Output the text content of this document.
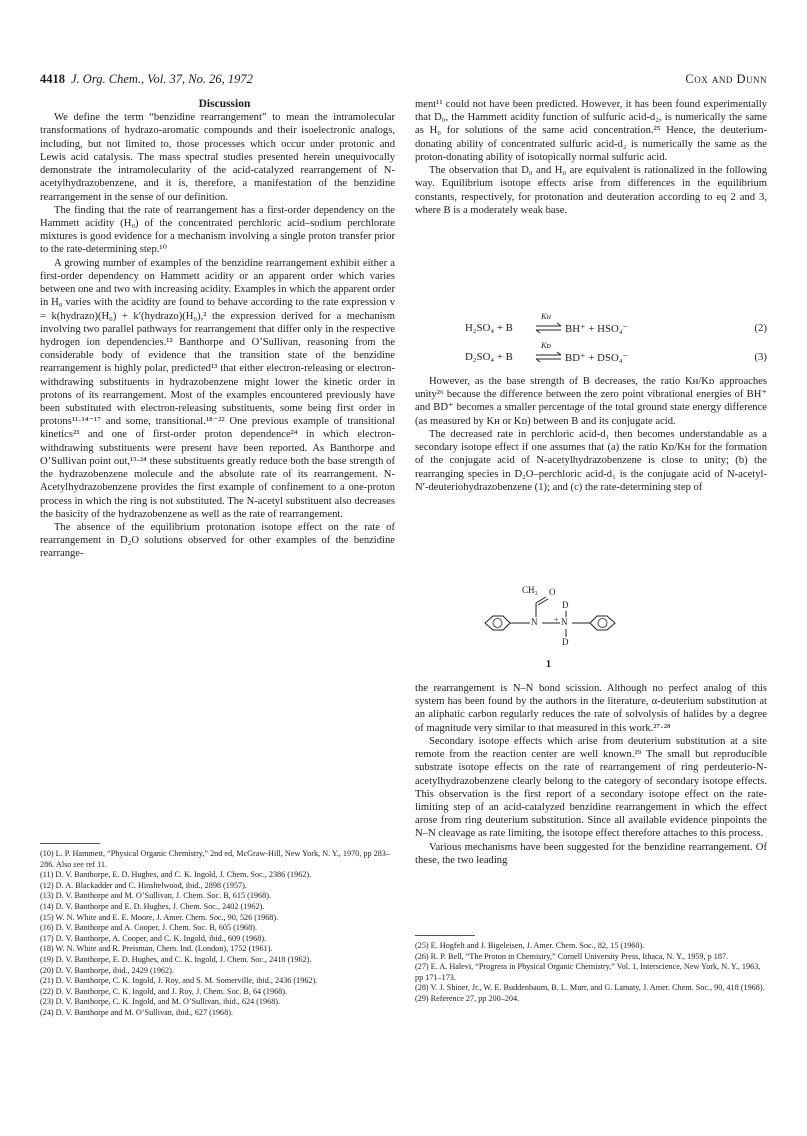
4418 J. Org. Chem., Vol. 37, No. 26, 1972	Cox and Dunn

Discussion

We define the term “benzidine rearrangement” to mean the intramolecular transformations of hydrazo-aromatic compounds and their isoelectronic analogs, including, but not limited to, those processes which occur under protonic and Lewis acid catalysis. The mass spectral studies presented herein unequivocally demonstrate the intramolecularity of the acid-catalyzed rearrangement of N-acetylhydrazobenzene, and it is, therefore, a manifestation of the benzidine rearrangement in the sense of our definition.

The finding that the rate of rearrangement has a first-order dependency on the Hammett acidity (H₀) of the concentrated perchloric acid–sodium perchlorate mixtures is good evidence for a mechanism involving a single proton transfer prior to the rate-determining step.¹⁰

A growing number of examples of the benzidine rearrangement exhibit either a first-order dependency on Hammett acidity or an apparent order which varies between one and two with increasing acidity. Examples in which the apparent order in H₀ varies with the acidity are found to behave according to the rate expression v = k(hydrazo)(H₀) + k′(hydrazo)(H₀),² the expression derived for a mechanism involving two parallel pathways for rearrangement that differ only in the respective hydrogen ion dependencies.¹² Banthorpe and O’Sullivan, reasoning from the considerable body of evidence that the transition state of the benzidine rearrangement is highly polar, predicted¹³ that either electron-releasing or electron-withdrawing substituents in hydrazobenzene might lower the kinetic order in protons of its rearrangement. Most of the examples encountered previously have been substituted with electron-releasing substituents, some being first order in protons¹¹·¹⁴⁻¹⁷ and some, transitional.¹⁸⁻²² One previous example of transitional kinetics²³ and one of first-order proton dependence²⁴ in which electron-withdrawing substituents were present have been reported. As Banthorpe and O’Sullivan point out,¹³·²⁴ these substituents greatly reduce both the base strength of the hydrazobenzene molecule and the absolute rate of its rearrangement. N-Acetylhydrazobenzene provides the first example of confinement to a one-proton process in which the ring is not substituted. The N-acetyl substituent also decreases the basicity of the hydrazobenzene as well as the rate of rearrangement.

The absence of the equilibrium protonation isotope effect on the rate of rearrangement in D₂O solutions observed for other examples of the benzidine rearrange-

ment¹¹ could not have been predicted. However, it has been found experimentally that D₀, the Hammett acidity function of sulfuric acid-d₂, is numerically the same as H₀ for solutions of the same acid concentration.²⁵ Hence, the deuterium-donating ability of concentrated sulfuric acid-d₂ is numerically the same as the proton-donating ability of isotopically normal sulfuric acid.

The observation that D₀ and H₀ are equivalent is rationalized in the following way. Equilibrium isotope effects arise from differences in the equilibrium constants, respectively, for protonation and deuteration according to eq 2 and 3, where B is a moderately weak base.

H₂SO₄ + B
Kʜ
⇌ BH⁺ + HSO₄⁻	(2)
D₂SO₄ + B
Kᴅ
⇌ BD⁺ + DSO₄⁻	(3)

However, as the base strength of B decreases, the ratio Kʜ/Kᴅ approaches unity²⁶ because the difference between the zero point vibrational energies of BH⁺ and BD⁺ becomes a smaller percentage of the total ground state energy difference (as measured by Kʜ or Kᴅ) between B and its conjugate acid.

The decreased rate in perchloric acid-d₁ then becomes understandable as a secondary isotope effect if one assumes that (a) the ratio Kᴅ/Kʜ for the formation of the conjugate acid of N-acetylhydrazobenzene is close to unity; (b) the rearranging species in D₂O–perchloric acid-d₁ is the conjugate acid of N-acetyl-N′-deuteriohydrazobenzene (1); and (c) the rate-determining step of

CH₃ O
N	N
+
D
D
1

the rearrangement is N–N bond scission. Although no perfect analog of this system has been found by the authors in the literature, α-deuterium substitution at an aliphatic carbon regularly reduces the rate of solvolysis of halides by a degree of magnitude very similar to that measured in this work.²⁷·²⁸

Secondary isotope effects which arise from deuterium substitution at a site remote from the reaction center are well known.²⁹ The small but reproducible substrate isotope effects on the rate of rearrangement of ring perdeuterio-N-acetylhydrazobenzene clearly belong to the category of secondary isotope effects. This observation is the first report of a secondary isotope effect on the rate-limiting step of an acid-catalyzed benzidine rearrangement in which the effect arose from ring deuterium substitution. Since all available evidence pinpoints the N–N cleavage as rate limiting, the isotope effect therefore attaches to this process.

Various mechanisms have been suggested for the benzidine rearrangement. Of these, the two leading

(10) L. P. Hammett, “Physical Organic Chemistry,” 2nd ed, McGraw-Hill, New York, N. Y., 1970, pp 283–286. Also see ref 11.
(11) D. V. Banthorpe, E. D. Hughes, and C. K. Ingold, J. Chem. Soc., 2386 (1962).
(12) D. A. Blackadder and C. Hinshelwood, ibid., 2898 (1957).
(13) D. V. Banthorpe and M. O’Sullivan, J. Chem. Soc. B, 615 (1968).
(14) D. V. Banthorpe and E. D. Hughes, J. Chem. Soc., 2402 (1962).
(15) W. N. White and E. E. Moore, J. Amer. Chem. Soc., 90, 526 (1968).
(16) D. V. Banthorpe and A. Cooper, J. Chem. Soc. B, 605 (1968).
(17) D. V. Banthorpe, A. Cooper, and C. K. Ingold, ibid., 609 (1968).
(18) W. N. White and R. Preisman, Chem. Ind. (London), 1752 (1961).
(19) D. V. Banthorpe, E. D. Hughes, and C. K. Ingold, J. Chem. Soc., 2418 (1962).
(20) D. V. Banthorpe, ibid., 2429 (1962).
(21) D. V. Banthorpe, C. K. Ingold, J. Roy, and S. M. Somerville, ibid., 2436 (1962).
(22) D. V. Banthorpe, C. K. Ingold, and J. Roy, J. Chem. Soc. B, 64 (1968).
(23) D. V. Banthorpe, C. K. Ingold, and M. O’Sullivan, ibid., 624 (1968).
(24) D. V. Banthorpe and M. O’Sullivan, ibid., 627 (1968).
(25) E. Hogfelt and J. Bigeleisen, J. Amer. Chem. Soc., 82, 15 (1960).
(26) R. P. Bell, “The Proton in Chemistry,” Cornell University Press, Ithaca, N. Y., 1959, p 187.
(27) E. A. Halevi, “Progress in Physical Organic Chemistry,” Vol. 1, Interscience, New York, N. Y., 1963, pp 171–173.
(28) V. J. Shiner, Jr., W. E. Buddenbaum, B. L. Murr, and G. Lamaty, J. Amer. Chem. Soc., 90, 418 (1968).
(29) Reference 27, pp 200–204.
